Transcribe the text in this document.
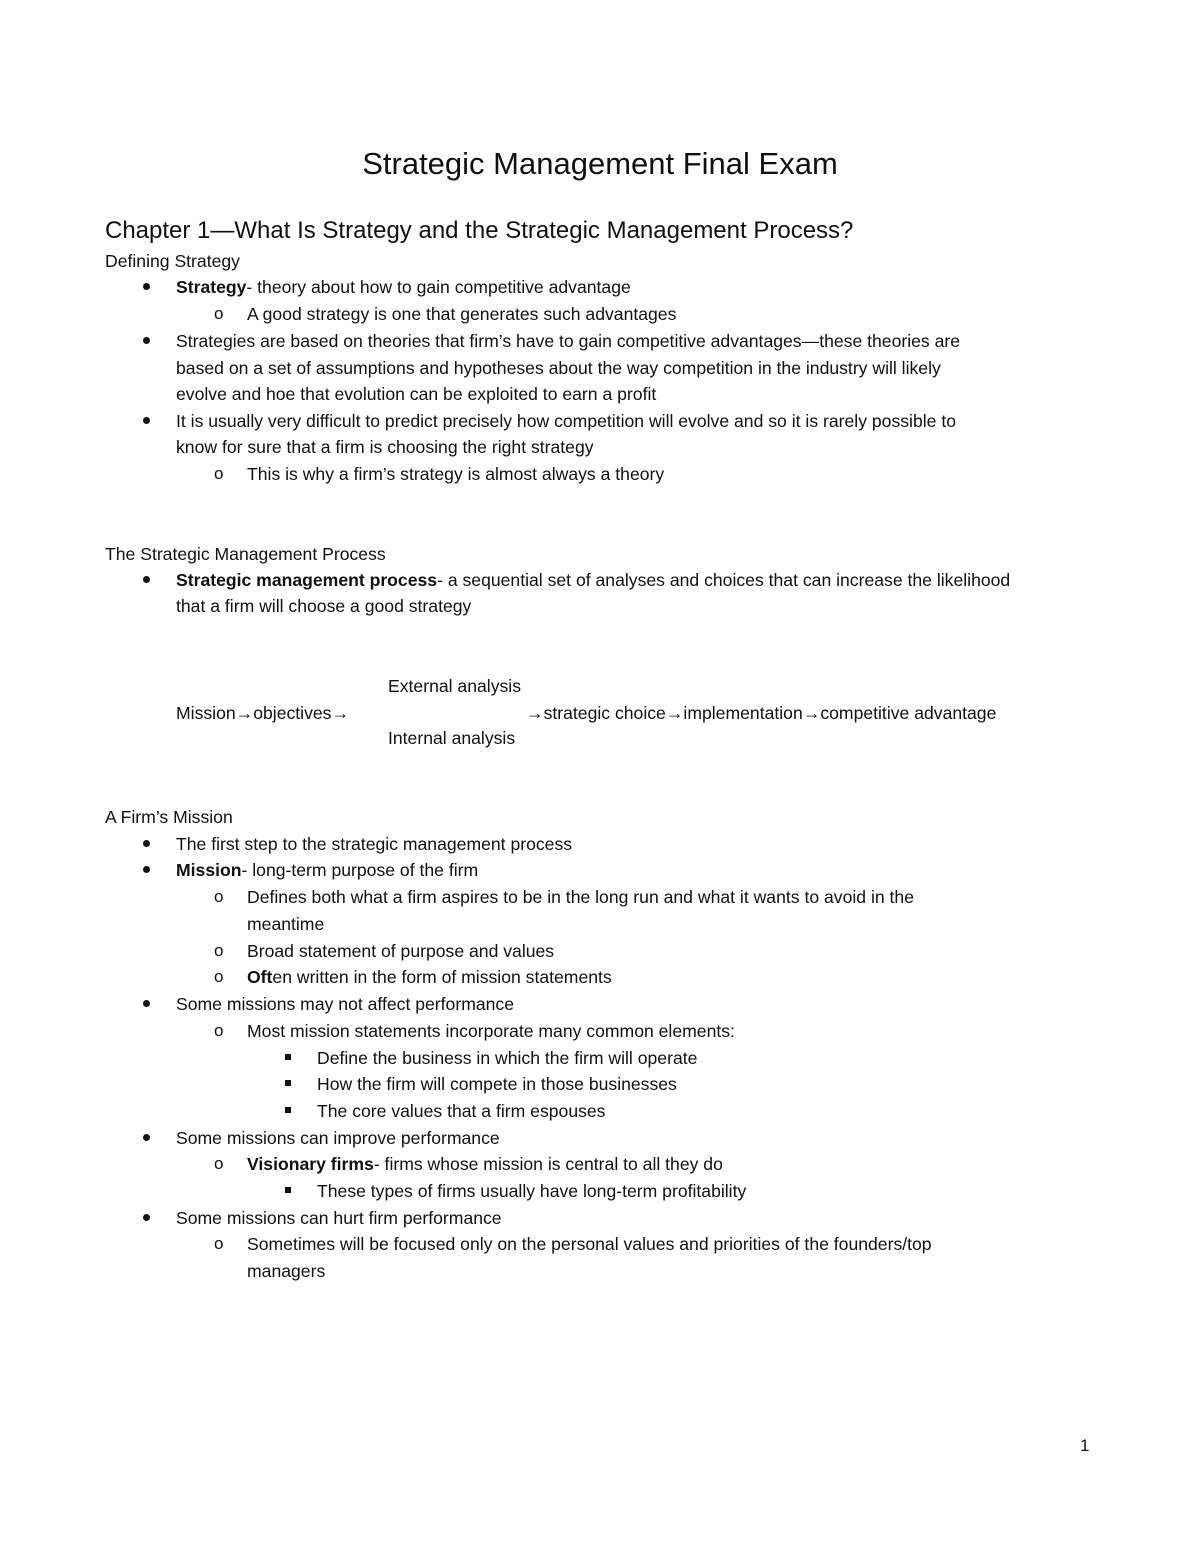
Strategic Management Final Exam
Chapter 1—What Is Strategy and the Strategic Management Process?
Defining Strategy
Strategy- theory about how to gain competitive advantage
o A good strategy is one that generates such advantages
Strategies are based on theories that firm’s have to gain competitive advantages—these theories are
based on a set of assumptions and hypotheses about the way competition in the industry will likely
evolve and hoe that evolution can be exploited to earn a profit
It is usually very difficult to predict precisely how competition will evolve and so it is rarely possible to
know for sure that a firm is choosing the right strategy
o This is why a firm’s strategy is almost always a theory
The Strategic Management Process
Strategic management process- a sequential set of analyses and choices that can increase the likelihood
that a firm will choose a good strategy
External analysis
Mission→objectives→	→strategic choice→implementation→competitive advantage
Internal analysis
A Firm’s Mission
The first step to the strategic management process
Mission- long-term purpose of the firm
o Defines both what a firm aspires to be in the long run and what it wants to avoid in the
meantime
o Broad statement of purpose and values
o Often written in the form of mission statements
Some missions may not affect performance
o Most mission statements incorporate many common elements:
Define the business in which the firm will operate
How the firm will compete in those businesses
The core values that a firm espouses
Some missions can improve performance
o Visionary firms- firms whose mission is central to all they do
These types of firms usually have long-term profitability
Some missions can hurt firm performance
o Sometimes will be focused only on the personal values and priorities of the founders/top
managers
1
